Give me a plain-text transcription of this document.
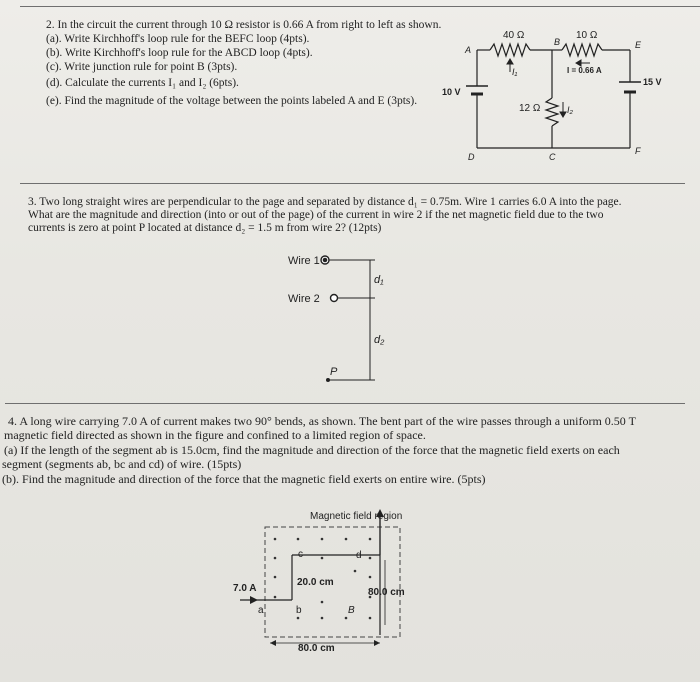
2. In the circuit the current through 10 Ω resistor is 0.66 A from right to left as shown.
(a). Write Kirchhoff's loop rule for the BEFC loop (4pts).
(b). Write Kirchhoff's loop rule for the ABCD loop (4pts).
(c). Write junction rule for point B (3pts).
(d). Calculate the currents I₁ and I₂ (6pts).
(e). Find the magnitude of the voltage between the points labeled A and E (3pts).
40 Ω	10 Ω
12 Ω
10 V
15 V
I = 0.66 A
I₁
I₂
A
B
C
D
E
F
3. Two long straight wires are perpendicular to the page and separated by distance d₁ = 0.75m. Wire 1 carries 6.0 A into the page.
What are the magnitude and direction (into or out of the page) of the current in wire 2 if the net magnetic field due to the two
currents is zero at point P located at distance d₂ = 1.5 m from wire 2? (12pts)
Wire 1
Wire 2
d₁
d₂
P
4. A long wire carrying 7.0 A of current makes two 90° bends, as shown. The bent part of the wire passes through a uniform 0.50 T
magnetic field directed as shown in the figure and confined to a limited region of space.
(a) If the length of the segment ab is 15.0cm, find the magnitude and direction of the force that the magnetic field exerts on each
segment (segments ab, bc and cd) of wire. (15pts)
(b). Find the magnitude and direction of the force that the magnetic field exerts on entire wire. (5pts)
Magnetic field region
7.0 A
20.0 cm
80.0 cm
80.0 cm
a	b
c	d
B
